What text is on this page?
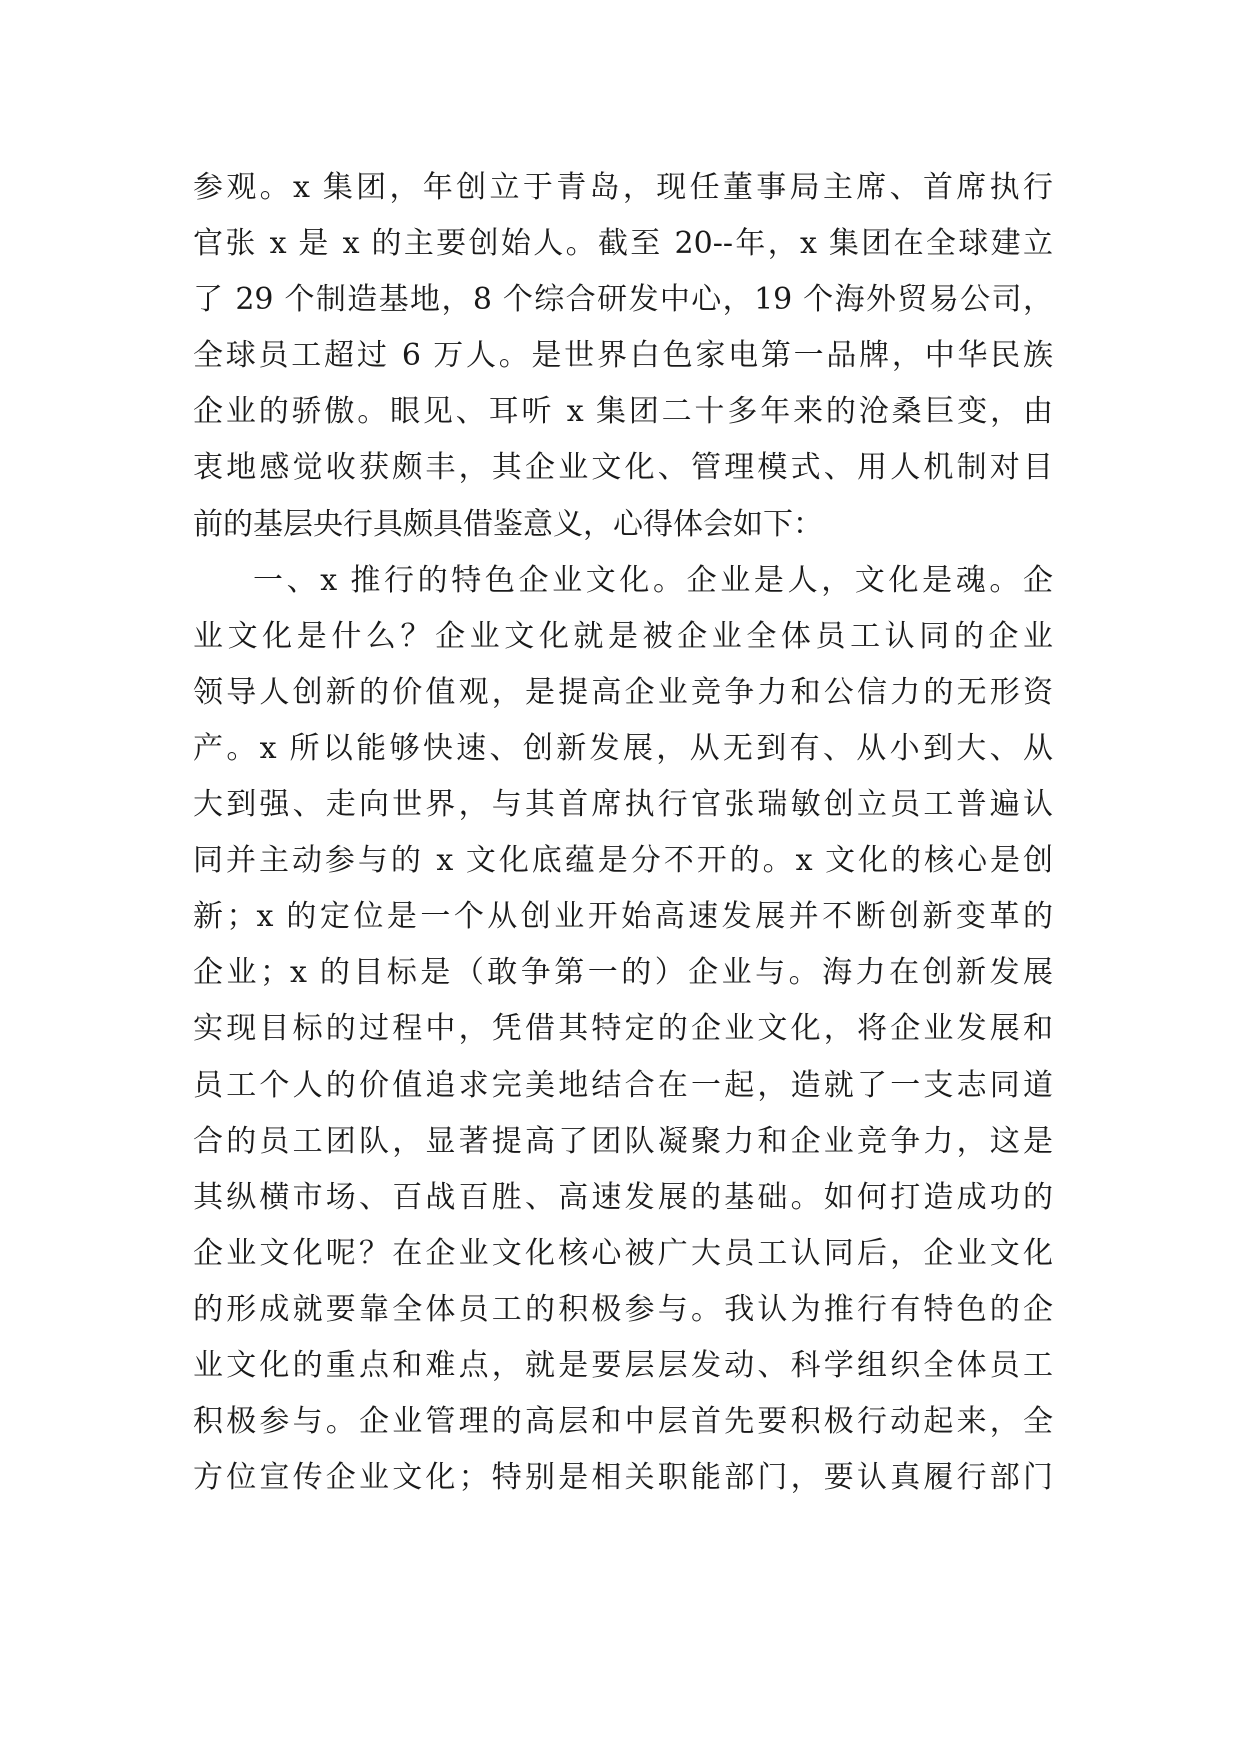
参观。x 集团，年创立于青岛，现任董事局主席、首席执行
官张 x 是 x 的主要创始人。截至 20--年，x 集团在全球建立
了 29 个制造基地，8 个综合研发中心，19 个海外贸易公司，
全球员工超过 6 万人。是世界白色家电第一品牌，中华民族
企业的骄傲。眼见、耳听 x 集团二十多年来的沧桑巨变，由
衷地感觉收获颇丰，其企业文化、管理模式、用人机制对目
前的基层央行具颇具借鉴意义，心得体会如下：
一、x 推行的特色企业文化。企业是人，文化是魂。企
业文化是什么？企业文化就是被企业全体员工认同的企业
领导人创新的价值观，是提高企业竞争力和公信力的无形资
产。x 所以能够快速、创新发展，从无到有、从小到大、从
大到强、走向世界，与其首席执行官张瑞敏创立员工普遍认
同并主动参与的 x 文化底蕴是分不开的。x 文化的核心是创
新；x 的定位是一个从创业开始高速发展并不断创新变革的
企业；x 的目标是（敢争第一的）企业与。海力在创新发展
实现目标的过程中，凭借其特定的企业文化，将企业发展和
员工个人的价值追求完美地结合在一起，造就了一支志同道
合的员工团队，显著提高了团队凝聚力和企业竞争力，这是
其纵横市场、百战百胜、高速发展的基础。如何打造成功的
企业文化呢？在企业文化核心被广大员工认同后，企业文化
的形成就要靠全体员工的积极参与。我认为推行有特色的企
业文化的重点和难点，就是要层层发动、科学组织全体员工
积极参与。企业管理的高层和中层首先要积极行动起来，全
方位宣传企业文化；特别是相关职能部门，要认真履行部门
